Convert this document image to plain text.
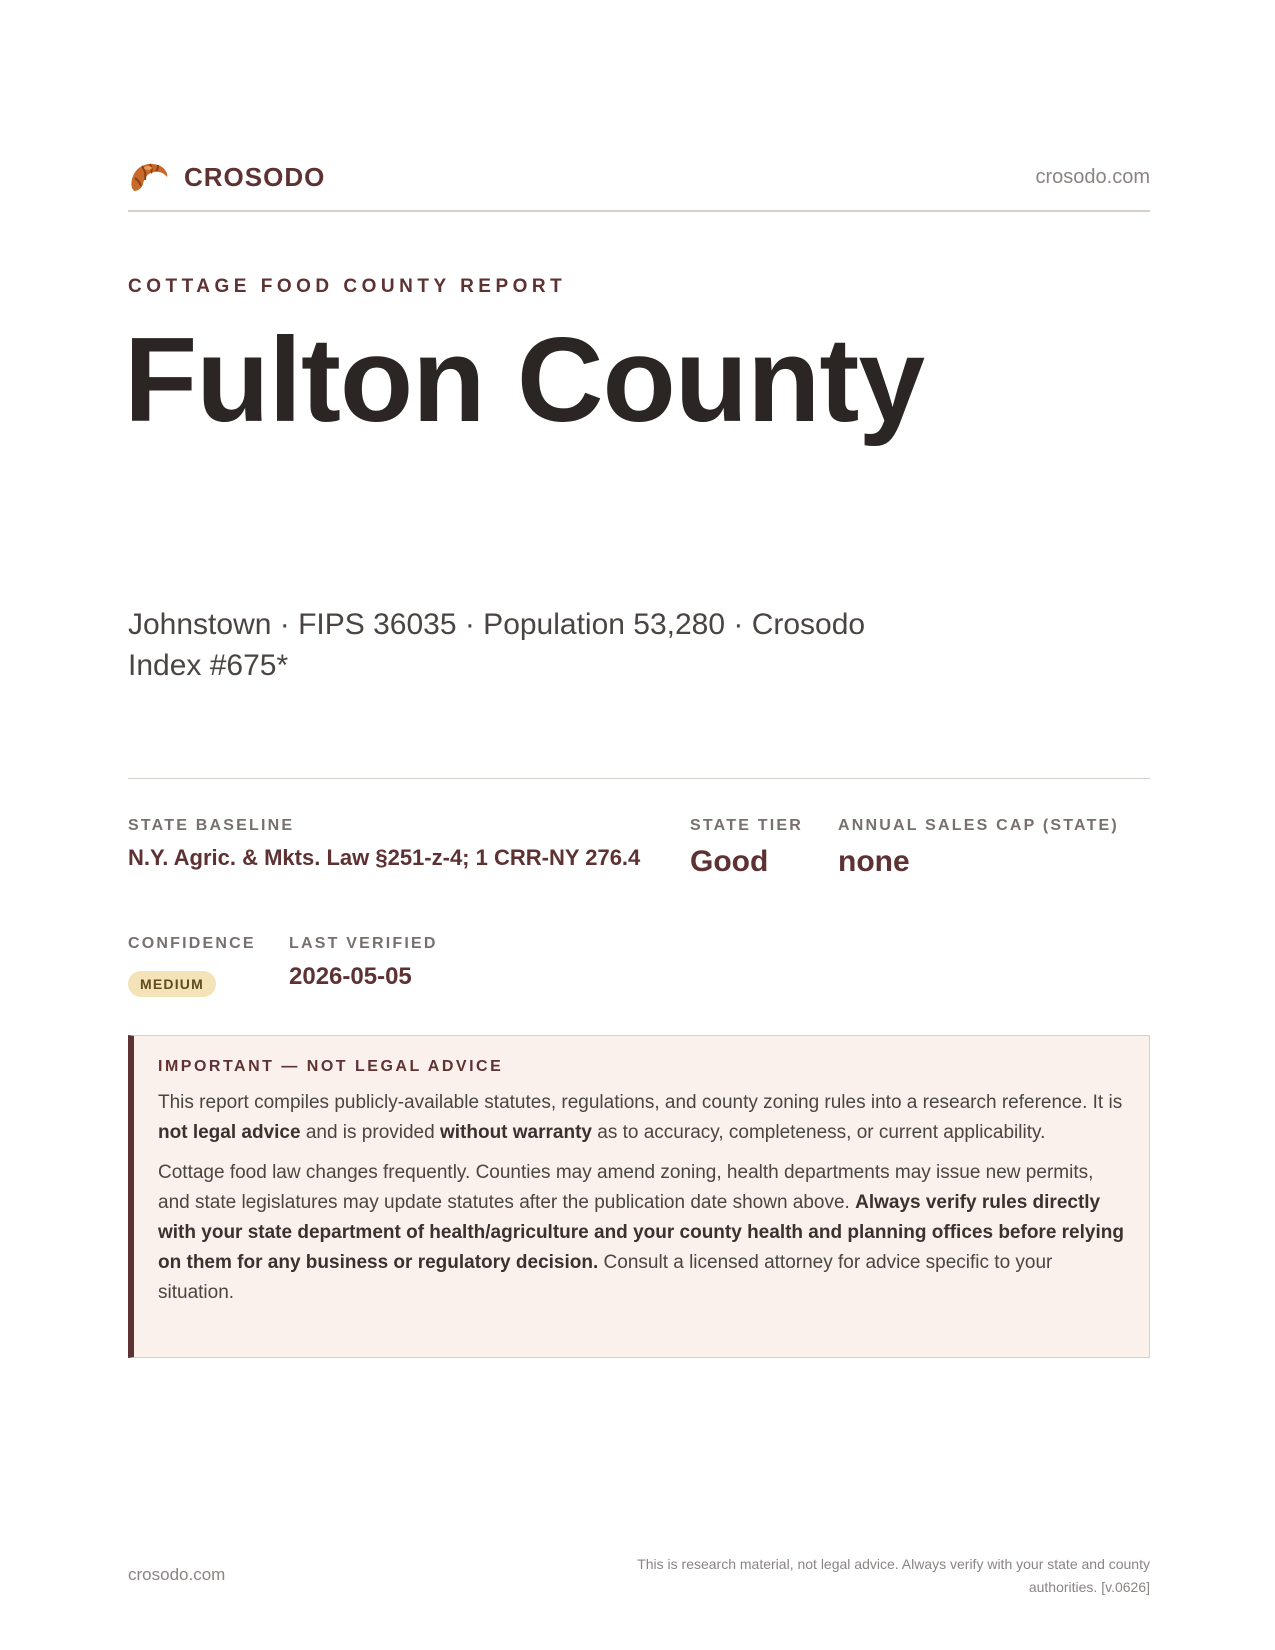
CROSODO	crosodo.com
COTTAGE FOOD COUNTY REPORT
Fulton County
Johnstown · FIPS 36035 · Population 53,280 · Crosodo Index #675*
STATE BASELINE
N.Y. Agric. & Mkts. Law §251-z-4; 1 CRR-NY 276.4
STATE TIER
Good
ANNUAL SALES CAP (STATE)
none
CONFIDENCE
MEDIUM
LAST VERIFIED
2026-05-05
IMPORTANT — NOT LEGAL ADVICE

This report compiles publicly-available statutes, regulations, and county zoning rules into a research reference. It is not legal advice and is provided without warranty as to accuracy, completeness, or current applicability.

Cottage food law changes frequently. Counties may amend zoning, health departments may issue new permits, and state legislatures may update statutes after the publication date shown above. Always verify rules directly with your state department of health/agriculture and your county health and planning offices before relying on them for any business or regulatory decision. Consult a licensed attorney for advice specific to your situation.

crosodo.com
This is research material, not legal advice. Always verify with your state and county authorities. [v.0626]
